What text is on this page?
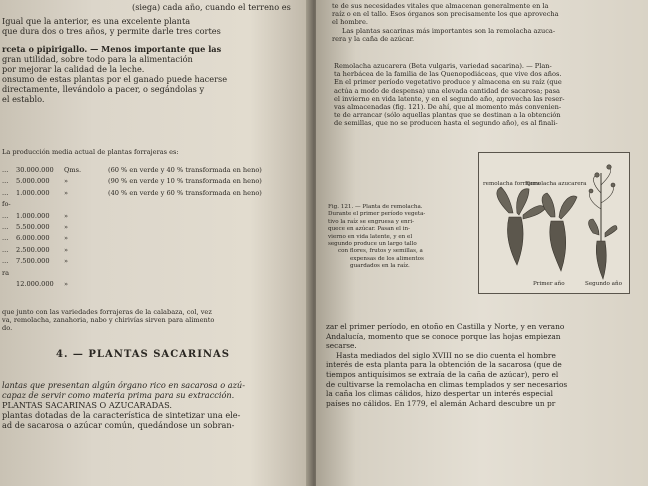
(siega) cada año, cuando el terreno es
Igual que la anterior, es una excelente planta
que dura dos o tres años, y permite darle tres cortes
rceta o pipirigallo. — Menos importante que las
gran utilidad, sobre todo para la alimentación
por mejorar la calidad de la leche.
onsumo de estas plantas por el ganado puede hacerse
directamente, llevándolo a pacer, o segándolas y
el establo.
La producción media actual de plantas forrajeras es:
... 30.000.000 Qms.	(60 % en verde y 40 % transformada en heno)
... 5.000.000 »	(90 % en verde y 10 % transformada en heno)
... 1.000.000 »	(40 % en verde y 60 % transformada en heno)
fo-
... 1.000.000 »
... 5.500.000 »
... 6.000.000 »
... 2.500.000 »
... 7.500.000 »
ra
12.000.000 »
que junto con las variedades forrajeras de la calabaza, col, vez
va, remolacha, zanahoria, nabo y chirivías sirven para alimento
do.
4. — PLANTAS SACARINAS
lantas que presentan algún órgano rico en sacarosa o azú-
capaz de servir como materia prima para su extracción.
PLANTAS SACARINAS O AZUCARADAS.
plantas dotadas de la característica de sintetizar una ele-
ad de sacarosa o azúcar común, quedándose un sobran-
te de sus necesidades vitales que almacenan generalmente en la
raíz o en el tallo. Esos órganos son precisamente los que aprovecha
el hombre.
Las plantas sacarinas más importantes son la remolacha azuca-
rera y la caña de azúcar.
Remolacha azucarera (Beta vulgaris, variedad sacarina). — Plan-
ta herbácea de la familia de las Quenopodiáceas, que vive dos años.
En el primer período vegetativo produce y almacena en su raíz (que
actúa a modo de despensa) una elevada cantidad de sacarosa; pasa
el invierno en vida latente, y en el segundo año, aprovecha las reser-
vas almacenadas (fig. 121). De ahí, que al momento más convenien-
te de arrancar (sólo aquellas plantas que se destinan a la obtención
de semillas, que no se producen hasta el segundo año), es al finali-
Fig. 121. — Planta de remolacha.
Durante el primer período vegeta-
tivo la raíz se engruesa y enri-
quece en azúcar. Pasan el in-
vierno en vida latente, y en el
segundo produce un largo tallo
con flores, frutos y semillas, a
expensas de los alimentos
guardados en la raíz.
remolacha forrajera
Remolacha azucarera
Primer año	Segundo año
zar el primer período, en otoño en Castilla y Norte, y en verano
Andalucía, momento que se conoce porque las hojas empiezan
secarse.
Hasta mediados del siglo XVIII no se dio cuenta el hombre
interés de esta planta para la obtención de la sacarosa (que de
tiempos antiquísimos se extraía de la caña de azúcar), pero el
de cultivarse la remolacha en climas templados y ser necesarios
la caña los climas cálidos, hizo despertar un interés especial
países no cálidos. En 1779, el alemán Achard descubre un pr
